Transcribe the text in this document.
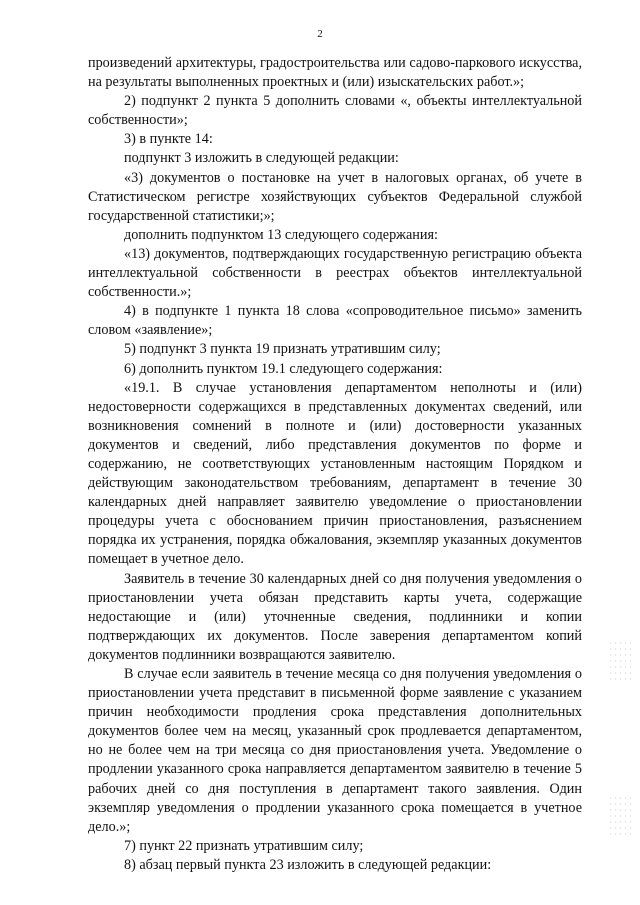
2

произведений архитектуры, градостроительства или садово-паркового искусства, на результаты выполненных проектных и (или) изыскательских работ.»;

2) подпункт 2 пункта 5 дополнить словами «, объекты интеллектуальной собственности»;

3) в пункте 14:

подпункт 3 изложить в следующей редакции:

«3) документов о постановке на учет в налоговых органах, об учете в Статистическом регистре хозяйствующих субъектов Федеральной службой государственной статистики;»;

дополнить подпунктом 13 следующего содержания:

«13) документов, подтверждающих государственную регистрацию объекта интеллектуальной собственности в реестрах объектов интеллектуальной собственности.»;

4) в подпункте 1 пункта 18 слова «сопроводительное письмо» заменить словом «заявление»;

5) подпункт 3 пункта 19 признать утратившим силу;

6) дополнить пунктом 19.1 следующего содержания:

«19.1. В случае установления департаментом неполноты и (или) недостоверности содержащихся в представленных документах сведений, или возникновения сомнений в полноте и (или) достоверности указанных документов и сведений, либо представления документов по форме и содержанию, не соответствующих установленным настоящим Порядком и действующим законодательством требованиям, департамент в течение 30 календарных дней направляет заявителю уведомление о приостановлении процедуры учета с обоснованием причин приостановления, разъяснением порядка их устранения, порядка обжалования, экземпляр указанных документов помещает в учетное дело.

Заявитель в течение 30 календарных дней со дня получения уведомления о приостановлении учета обязан представить карты учета, содержащие недостающие и (или) уточненные сведения, подлинники и копии подтверждающих их документов. После заверения департаментом копий документов подлинники возвращаются заявителю.

В случае если заявитель в течение месяца со дня получения уведомления о приостановлении учета представит в письменной форме заявление с указанием причин необходимости продления срока представления дополнительных документов более чем на месяц, указанный срок продлевается департаментом, но не более чем на три месяца со дня приостановления учета. Уведомление о продлении указанного срока направляется департаментом заявителю в течение 5 рабочих дней со дня поступления в департамент такого заявления. Один экземпляр уведомления о продлении указанного срока помещается в учетное дело.»;

7) пункт 22 признать утратившим силу;

8) абзац первый пункта 23 изложить в следующей редакции:
